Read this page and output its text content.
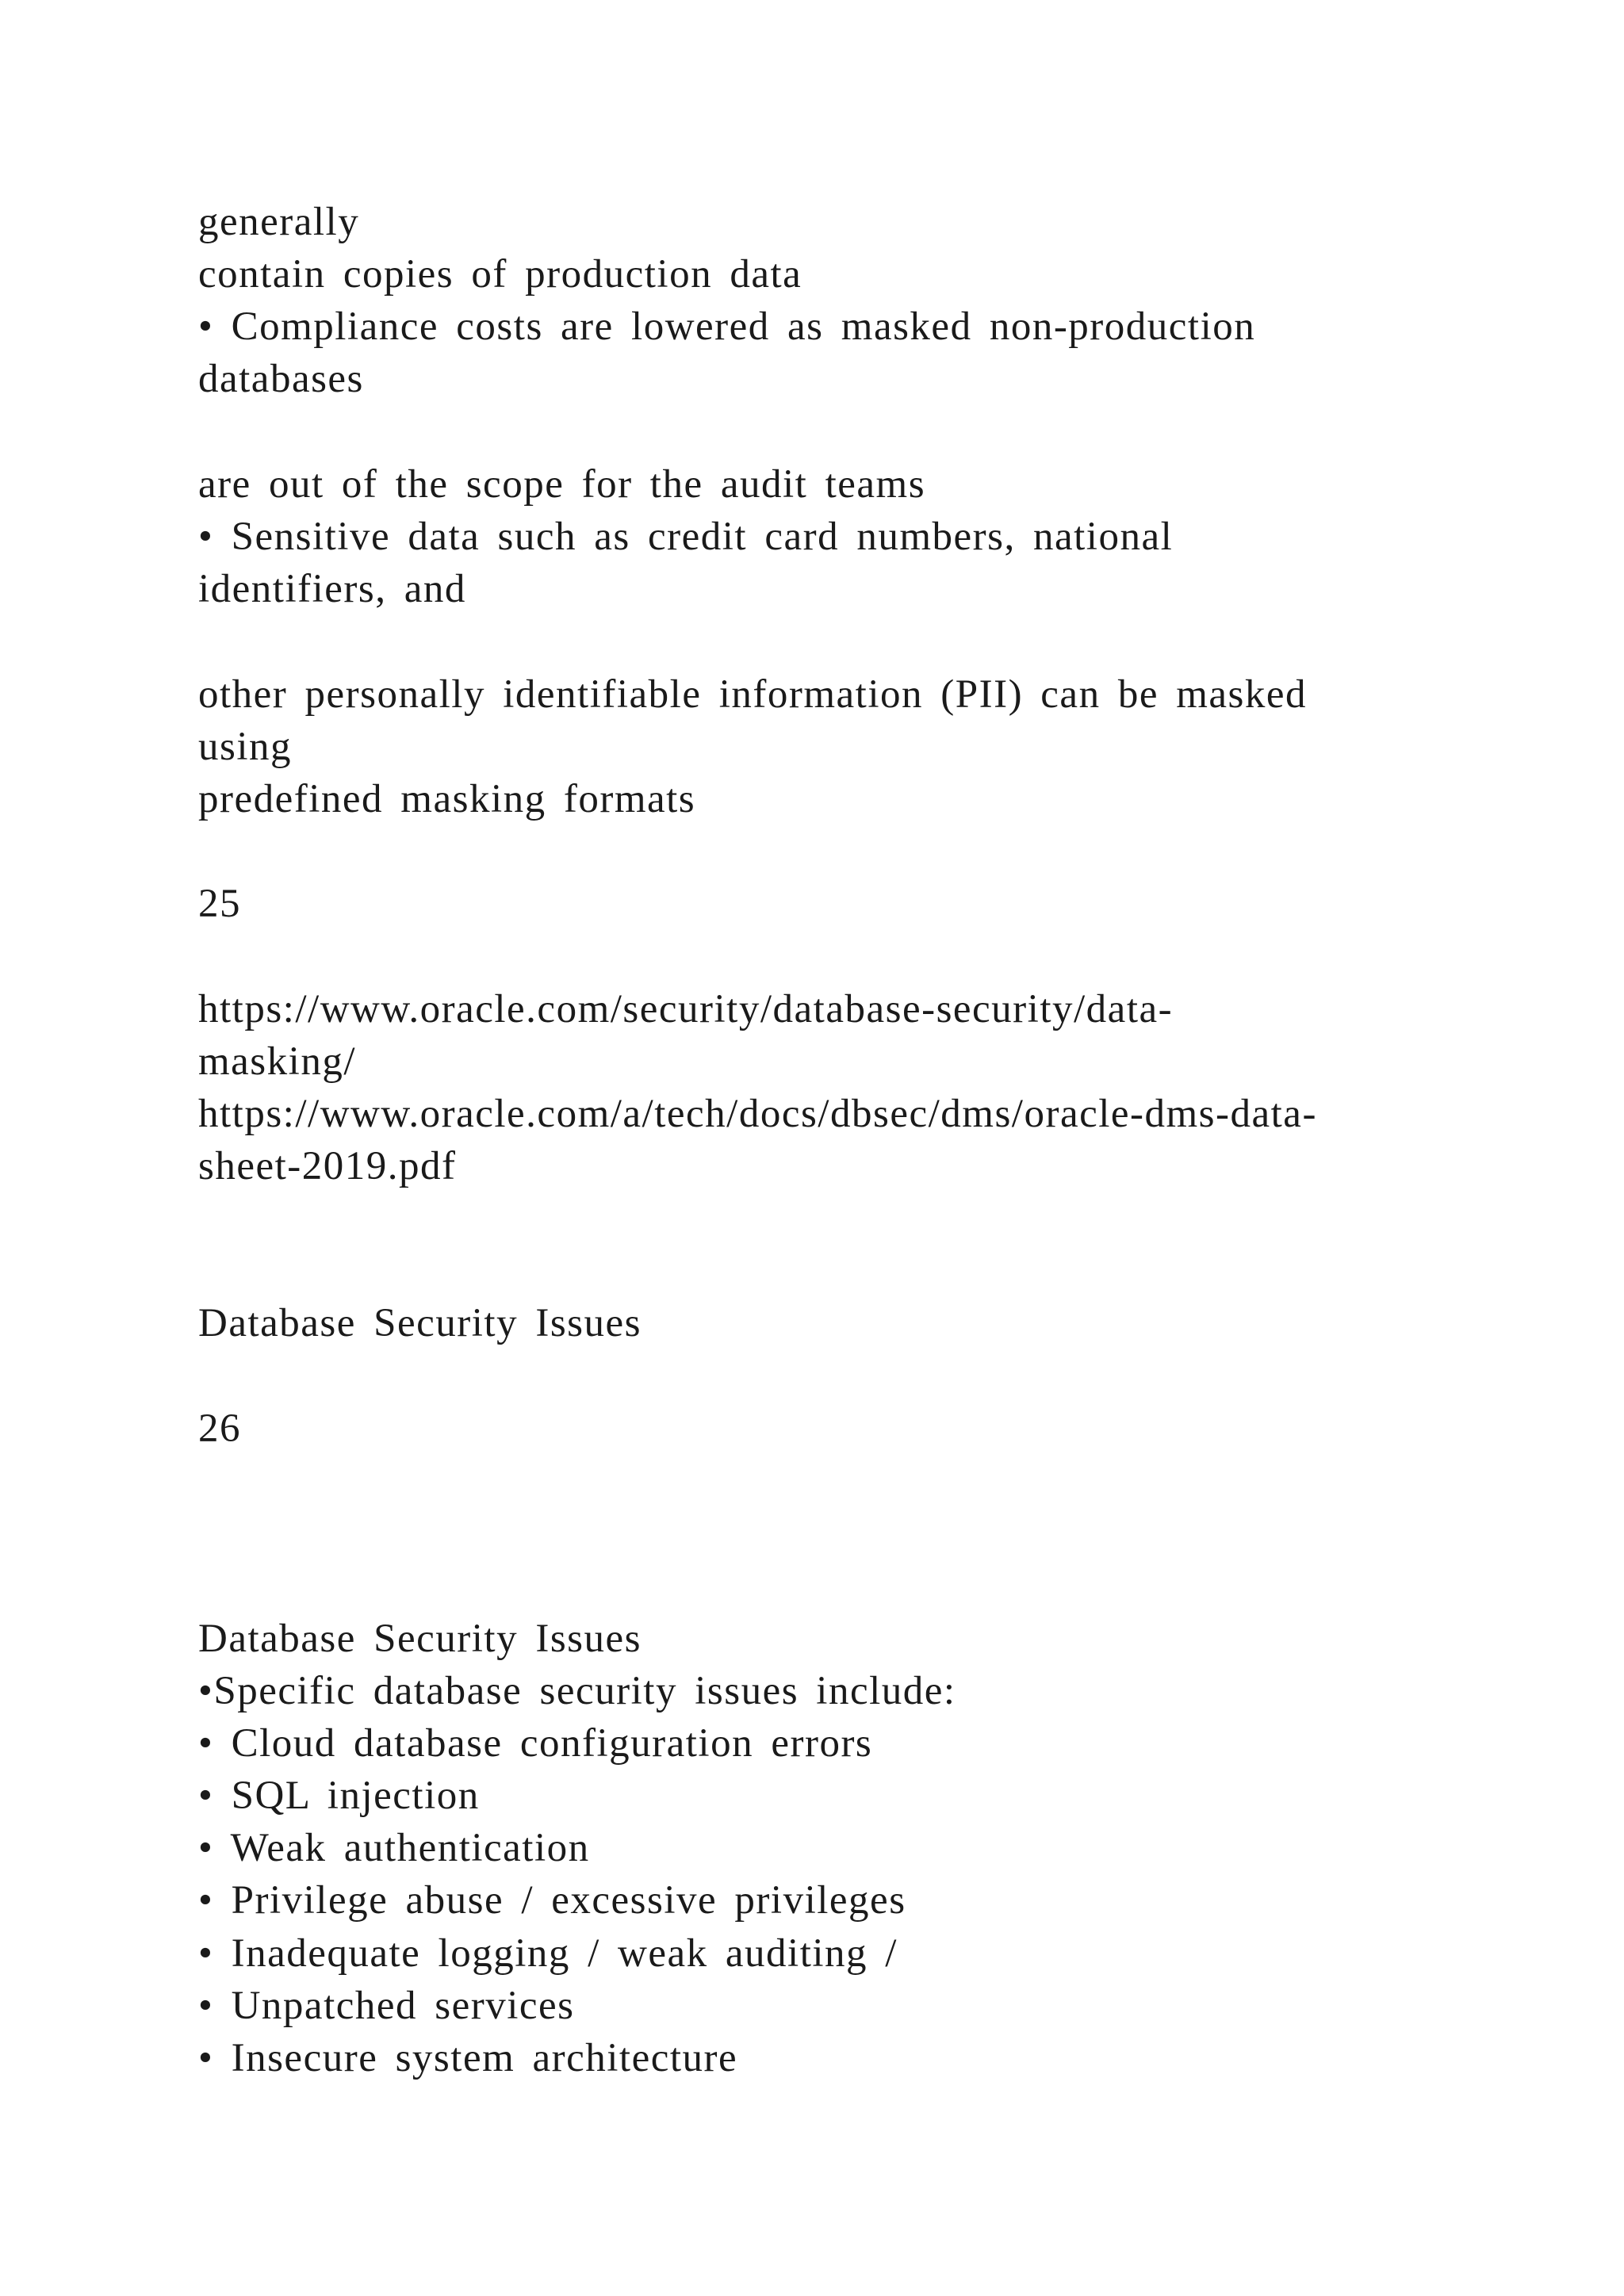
generally

contain copies of production data

• Compliance costs are lowered as masked non-production

databases

are out of the scope for the audit teams

• Sensitive data such as credit card numbers, national

identifiers, and

other personally identifiable information (PII) can be masked

using

predefined masking formats

25

https://www.oracle.com/security/database-security/data-

masking/

https://www.oracle.com/a/tech/docs/dbsec/dms/oracle-dms-data-

sheet-2019.pdf

Database Security Issues

26

Database Security Issues

•Specific database security issues include:

• Cloud database configuration errors

• SQL injection

• Weak authentication

• Privilege abuse / excessive privileges

• Inadequate logging / weak auditing /

• Unpatched services

• Insecure system architecture
